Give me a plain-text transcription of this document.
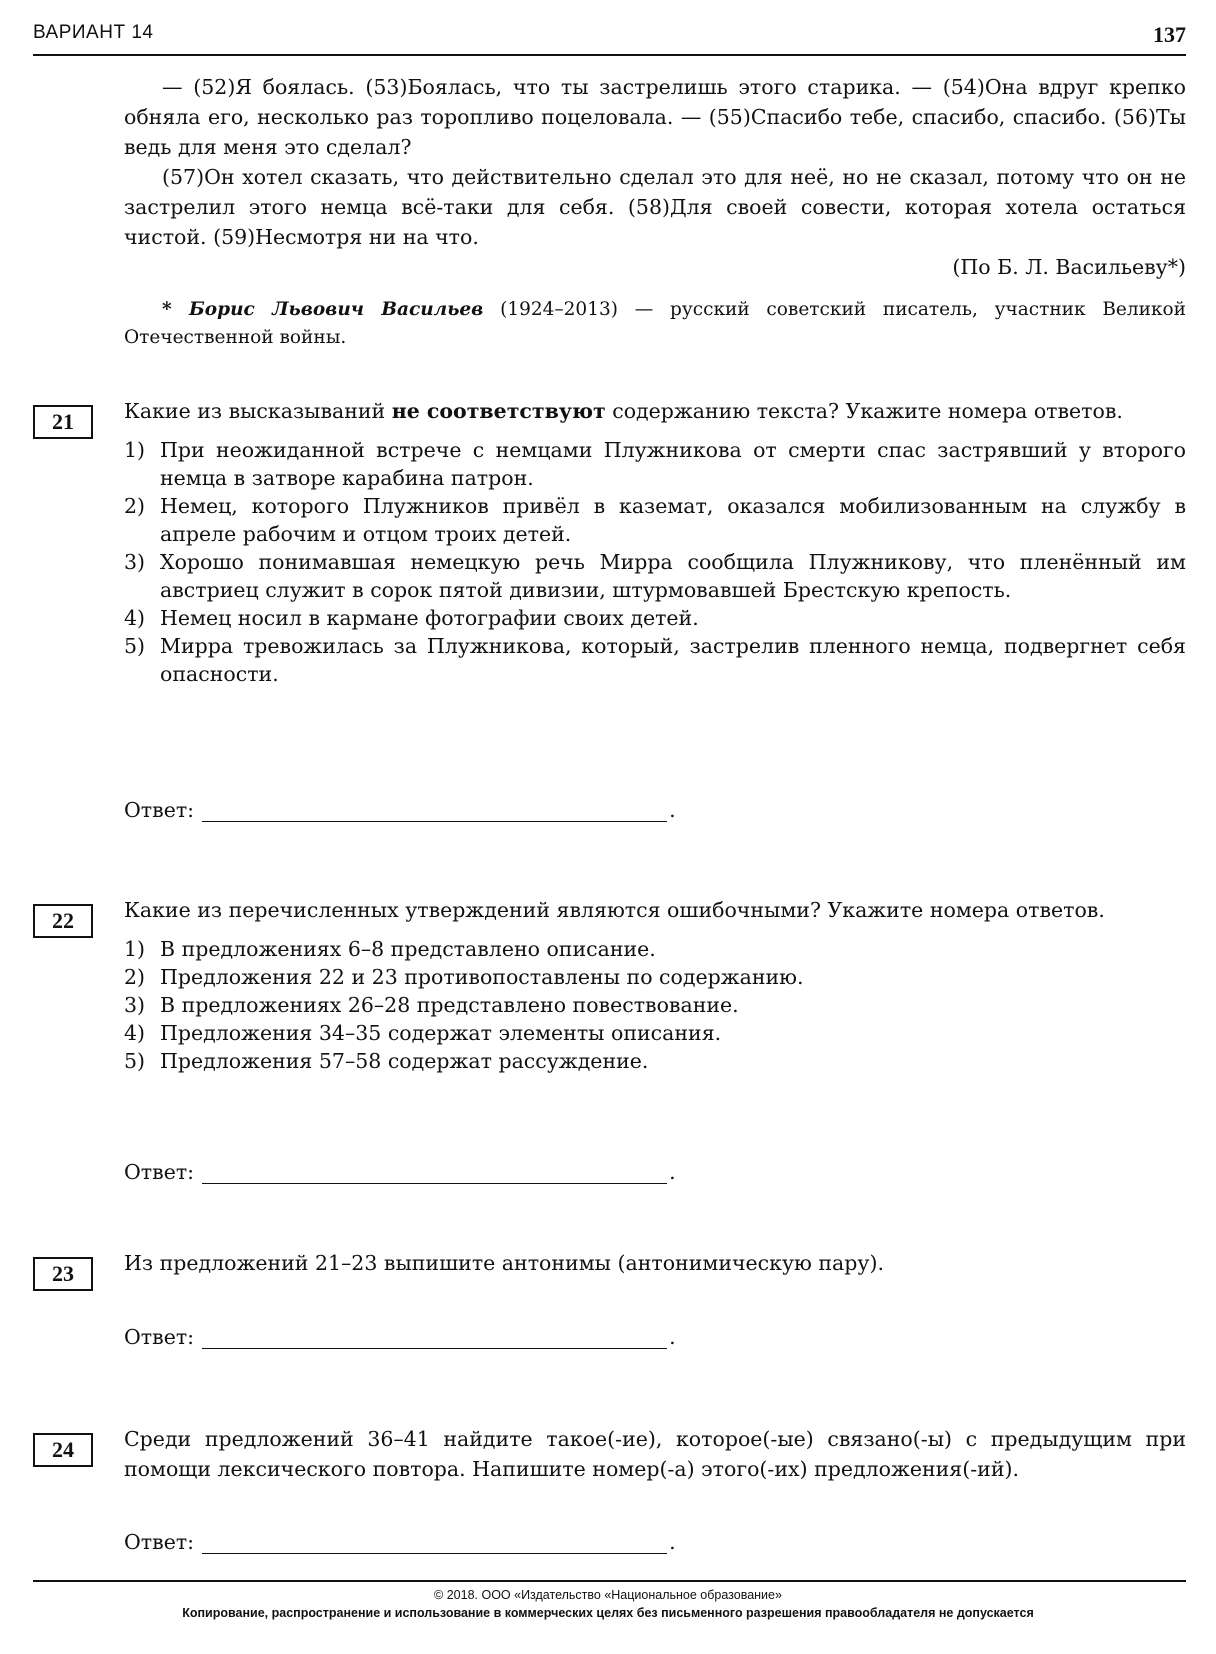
ВАРИАНТ 14	137

— (52)Я боялась. (53)Боялась, что ты застрелишь этого старика. — (54)Она вдруг крепко обняла его, несколько раз торопливо поцеловала. — (55)Спасибо тебе, спасибо, спасибо. (56)Ты ведь для меня это сделал?

(57)Он хотел сказать, что действительно сделал это для неё, но не сказал, потому что он не застрелил этого немца всё-таки для себя. (58)Для своей совести, которая хотела остаться чистой. (59)Несмотря ни на что.

(По Б. Л. Васильеву*)
* Борис Львович Васильев (1924–2013) — русский советский писатель, участник Великой Отечественной войны.
21	Какие из высказываний не соответствуют содержанию текста? Укажите номера ответов.

1) При неожиданной встрече с немцами Плужникова от смерти спас застрявший у второго немца в затворе карабина патрон.
2) Немец, которого Плужников привёл в каземат, оказался мобилизованным на службу в апреле рабочим и отцом троих детей.
3) Хорошо понимавшая немецкую речь Мирра сообщила Плужникову, что пленённый им австриец служит в сорок пятой дивизии, штурмовавшей Брестскую крепость.
4) Немец носил в кармане фотографии своих детей.
5) Мирра тревожилась за Плужникова, который, застрелив пленного немца, подвергнет себя опасности.
Ответ:	.
22	Какие из перечисленных утверждений являются ошибочными? Укажите номера ответов.

1) В предложениях 6–8 представлено описание.
2) Предложения 22 и 23 противопоставлены по содержанию.
3) В предложениях 26–28 представлено повествование.
4) Предложения 34–35 содержат элементы описания.
5) Предложения 57–58 содержат рассуждение.
Ответ:	.
23	Из предложений 21–23 выпишите антонимы (антонимическую пару).

Ответ:	.
24	Среди предложений 36–41 найдите такое(-ие), которое(-ые) связано(-ы) с предыдущим при помощи лексического повтора. Напишите номер(-а) этого(-их) предложения(-ий).

Ответ:	.
© 2018. ООО «Издательство «Национальное образование»
Копирование, распространение и использование в коммерческих целях без письменного разрешения правообладателя не допускается
